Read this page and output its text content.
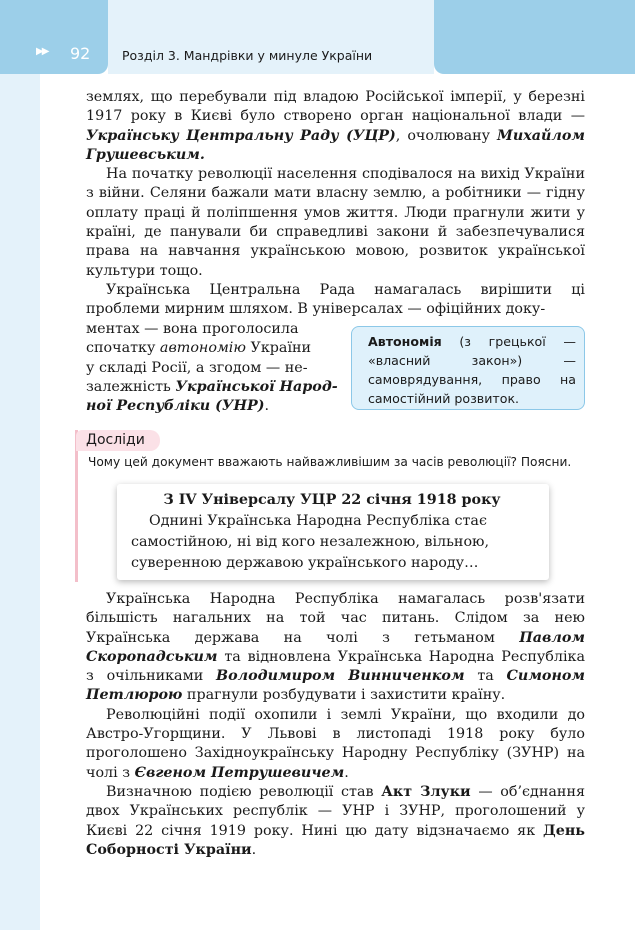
▶▶ 92	Розділ 3. Мандрівки у минуле України

землях, що перебували під владою Російської імперії, у березні 1917 року в Києві було створено орган національної влади — Українську Центральну Раду (УЦР), очолювану Михайлом Грушевським.

На початку революції населення сподівалося на вихід України з війни. Селяни бажали мати власну землю, а робітники — гідну оплату праці й поліпшення умов життя. Люди прагнули жити у країні, де панували би справедливі закони й забезпечувалися права на навчання українською мовою, розвиток української культури тощо.

Українська Центральна Рада намагалась вирішити ці проблеми мирним шляхом. В універсалах — офіційних доку-

ментах — вона проголосила
спочатку автономію України
у складі Росії, а згодом — не-
залежність Української Народ-
ної Республіки (УНР).
Автономія (з грецької — «власний закон») — самоврядування, право на самостійний розвиток.
Досліди
Чому цей документ вважають найважливішим за часів революції? Поясни.
З IV Універсалу УЦР 22 січня 1918 року
Однині Українська Народна Республіка стає
самостійною, ні від кого незалежною, вільною,
суверенною державою українського народу…

Українська Народна Республіка намагалась розв'язати більшість нагальних на той час питань. Слідом за нею Українська держава на чолі з гетьманом Павлом Скоропадським та відновлена Українська Народна Республіка з очільниками Володимиром Винниченком та Симоном Петлюрою прагнули розбудувати і захистити країну.

Революційні події охопили і землі України, що входили до Австро-Угорщини. У Львові в листопаді 1918 року було проголошено Західноукраїнську Народну Республіку (ЗУНР) на чолі з Євгеном Петрушевичем.

Визначною подією революції став Акт Злуки — об’єднання двох Українських республік — УНР і ЗУНР, проголошений у Києві 22 січня 1919 року. Нині цю дату відзначаємо як День Соборності України.
